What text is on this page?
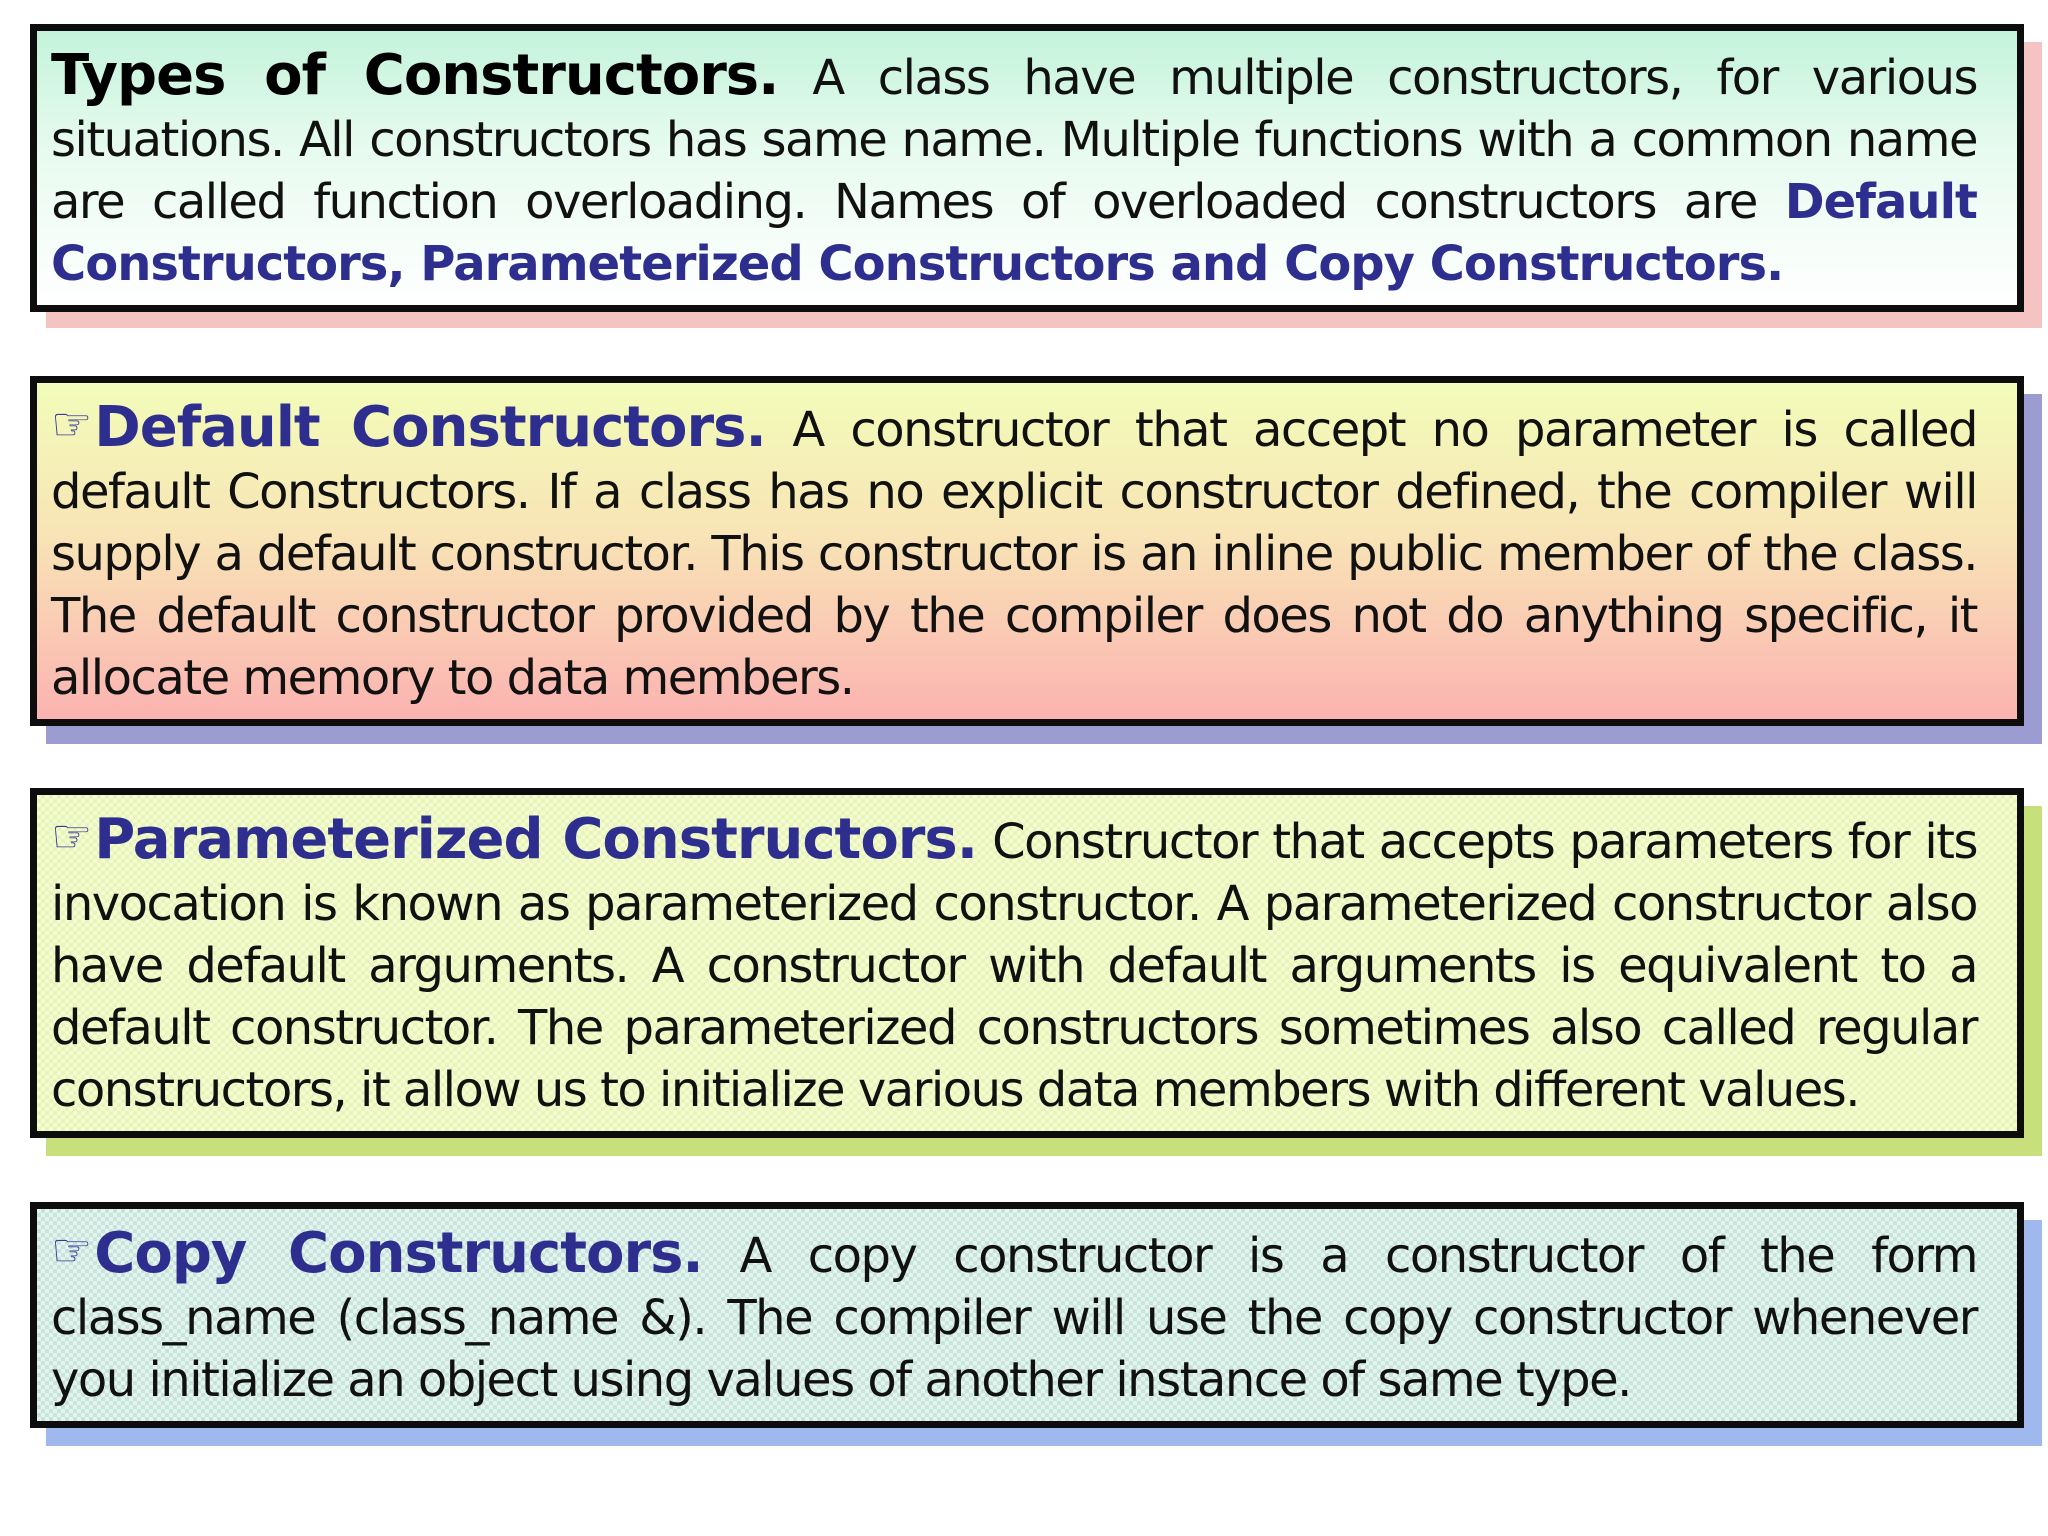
Types of Constructors. A class have multiple constructors, for various situations. All constructors has same name. Multiple functions with a common name are called function overloading. Names of overloaded constructors are Default Constructors, Parameterized Constructors and Copy Constructors.

☞Default Constructors. A constructor that accept no parameter is called default Constructors. If a class has no explicit constructor defined, the compiler will supply a default constructor. This constructor is an inline public member of the class. The default constructor provided by the compiler does not do anything specific, it allocate memory to data members.

☞Parameterized Constructors. Constructor that accepts parameters for its invocation is known as parameterized constructor. A parameterized constructor also have default arguments. A constructor with default arguments is equivalent to a default constructor. The parameterized constructors sometimes also called regular constructors, it allow us to initialize various data members with different values.

☞Copy Constructors. A copy constructor is a constructor of the form class_name (class_name &). The compiler will use the copy constructor whenever you initialize an object using values of another instance of same type.
